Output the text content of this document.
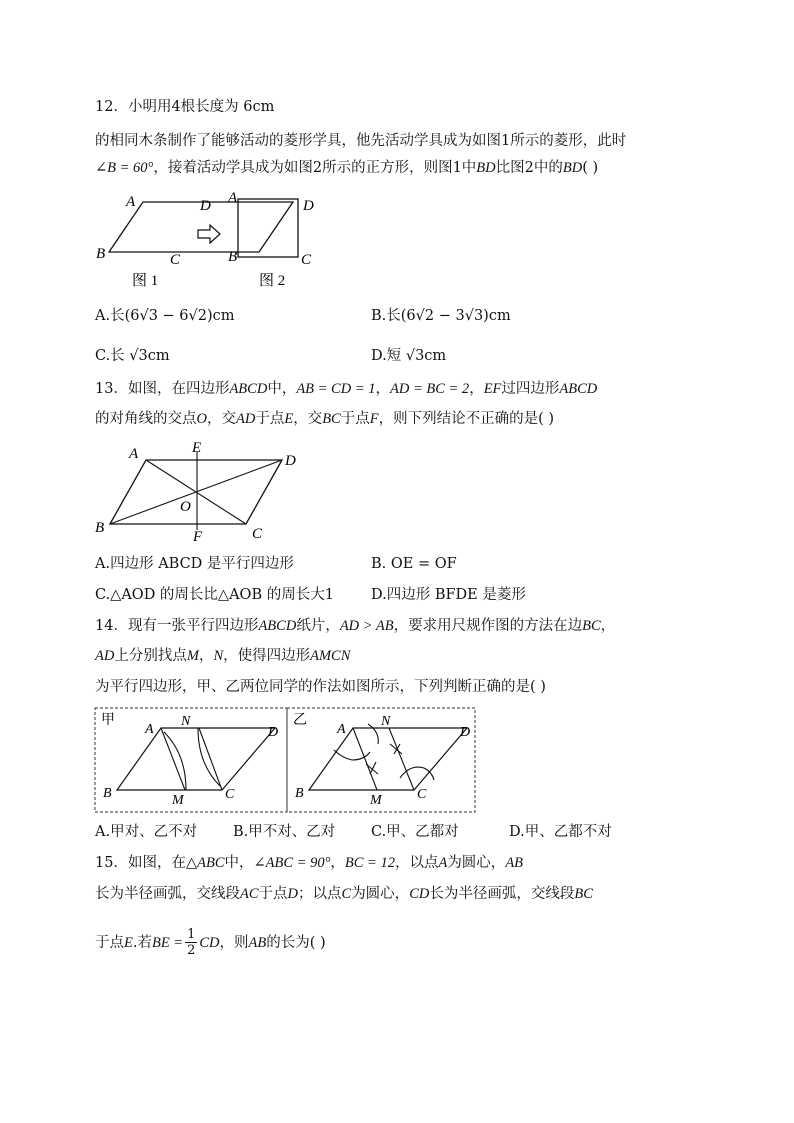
12．小明用4根长度为 6cm
的相同木条制作了能够活动的菱形学具，他先活动学具成为如图1所示的菱形，此时
∠B = 60°，接着活动学具成为如图2所示的正方形，则图1中BD比图2中的BD( )
A	D
B	C
图 1
A	D
B	C
图 2
A.长(6√3 − 6√2)cm	B.长(6√2 − 3√3)cm
C.长 √3cm	D.短 √3cm
13．如图，在四边形ABCD中，AB = CD = 1，AD = BC = 2，EF过四边形ABCD
的对角线的交点O，交AD于点E，交BC于点F，则下列结论不正确的是( )
A	E
D
O
B
F	C
A.四边形 ABCD 是平行四边形	B. OE = OF
C.△AOD 的周长比△AOB 的周长大1	D.四边形 BFDE 是菱形
14．现有一张平行四边形ABCD纸片，AD > AB，要求用尺规作图的方法在边BC，
AD上分别找点M，N，使得四边形AMCN
为平行四边形，甲、乙两位同学的作法如图所示，下列判断正确的是( )
甲
A
N
D
B	M	C
乙
A
N
D
B	M	C
A.甲对、乙不对 B.甲不对、乙对 C.甲、乙都对	D.甲、乙都不对
15．如图，在△ABC中，∠ABC = 90°，BC = 12，以点A为圆心，AB
长为半径画弧，交线段AC于点D；以点C为圆心，CD长为半径画弧，交线段BC
于点 E .若 BE = $\frac{1}{2}$ CD ，则 AB 的长为( )
